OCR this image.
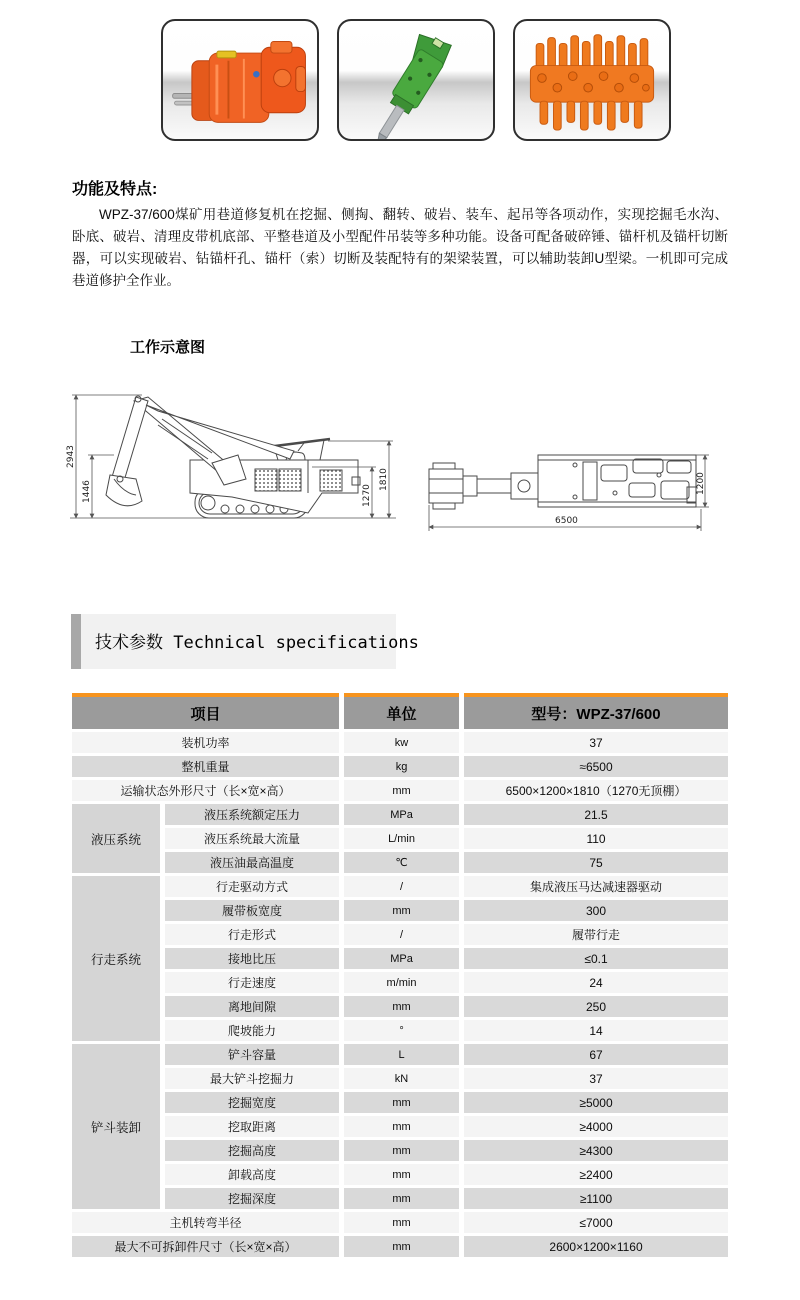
功能及特点:
WPZ-37/600煤矿用巷道修复机在挖掘、侧掏、翻转、破岩、装车、起吊等各项动作，实现挖掘毛水沟、卧底、破岩、清理皮带机底部、平整巷道及小型配件吊装等多种功能。设备可配备破碎锤、锚杆机及锚杆切断器，可以实现破岩、钻锚杆孔、锚杆（索）切断及装配特有的架梁装置，可以辅助装卸U型梁。一机即可完成巷道修护全作业。
工作示意图
2943
1446	1270
1810	1200
6500
技术参数 Technical specifications
项目		单位	型号：WPZ-37/600
装机功率		kw	37
整机重量		kg	≈6500
运输状态外形尺寸（长×宽×高）		mm	6500×1200×1810（1270无顶棚）
液压系统	液压系统额定压力	MPa	21.5
	液压系统最大流量	L/min	110
	液压油最高温度	℃	75
行走系统	行走驱动方式	/	集成液压马达减速器驱动
	履带板宽度	mm	300
	行走形式	/	履带行走
	接地比压	MPa	≤0.1
	行走速度	m/min	24
	离地间隙	mm	250
	爬坡能力	°	14
铲斗装卸	铲斗容量	L	67
	最大铲斗挖掘力	kN	37
	挖掘宽度	mm	≥5000
	挖取距离	mm	≥4000
	挖掘高度	mm	≥4300
	卸载高度	mm	≥2400
	挖掘深度	mm	≥1100
主机转弯半径		mm	≤7000
最大不可拆卸件尺寸（长×宽×高）		mm	2600×1200×1160
